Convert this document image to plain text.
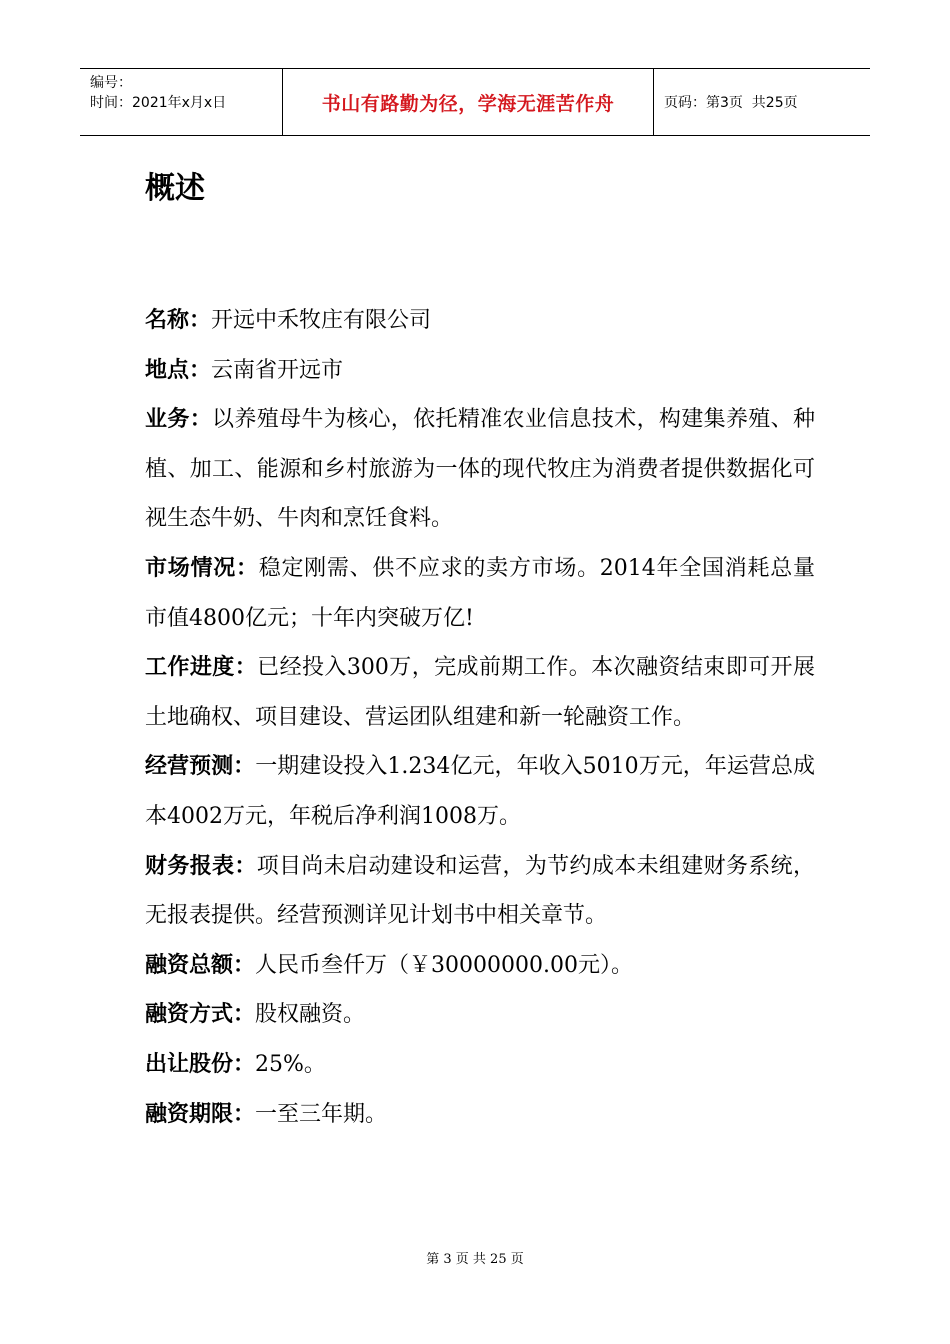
编号：
时间：2021年x月x日	书山有路勤为径，学海无涯苦作舟	页码：第3页  共25页
概述

名称：开远中禾牧庄有限公司

地点：云南省开远市

业务：以养殖母牛为核心，依托精准农业信息技术，构建集养殖、种植、加工、能源和乡村旅游为一体的现代牧庄为消费者提供数据化可视生态牛奶、牛肉和烹饪食料。

市场情况：稳定刚需、供不应求的卖方市场。2014年全国消耗总量市值4800亿元；十年内突破万亿!

工作进度：已经投入300万，完成前期工作。本次融资结束即可开展土地确权、项目建设、营运团队组建和新一轮融资工作。

经营预测：一期建设投入1.234亿元，年收入5010万元，年运营总成本4002万元，年税后净利润1008万。

财务报表：项目尚未启动建设和运营，为节约成本未组建财务系统，无报表提供。经营预测详见计划书中相关章节。

融资总额：人民币叁仟万（￥30000000.00元）。

融资方式：股权融资。

出让股份：25%。

融资期限：一至三年期。

第 3 页 共 25 页
